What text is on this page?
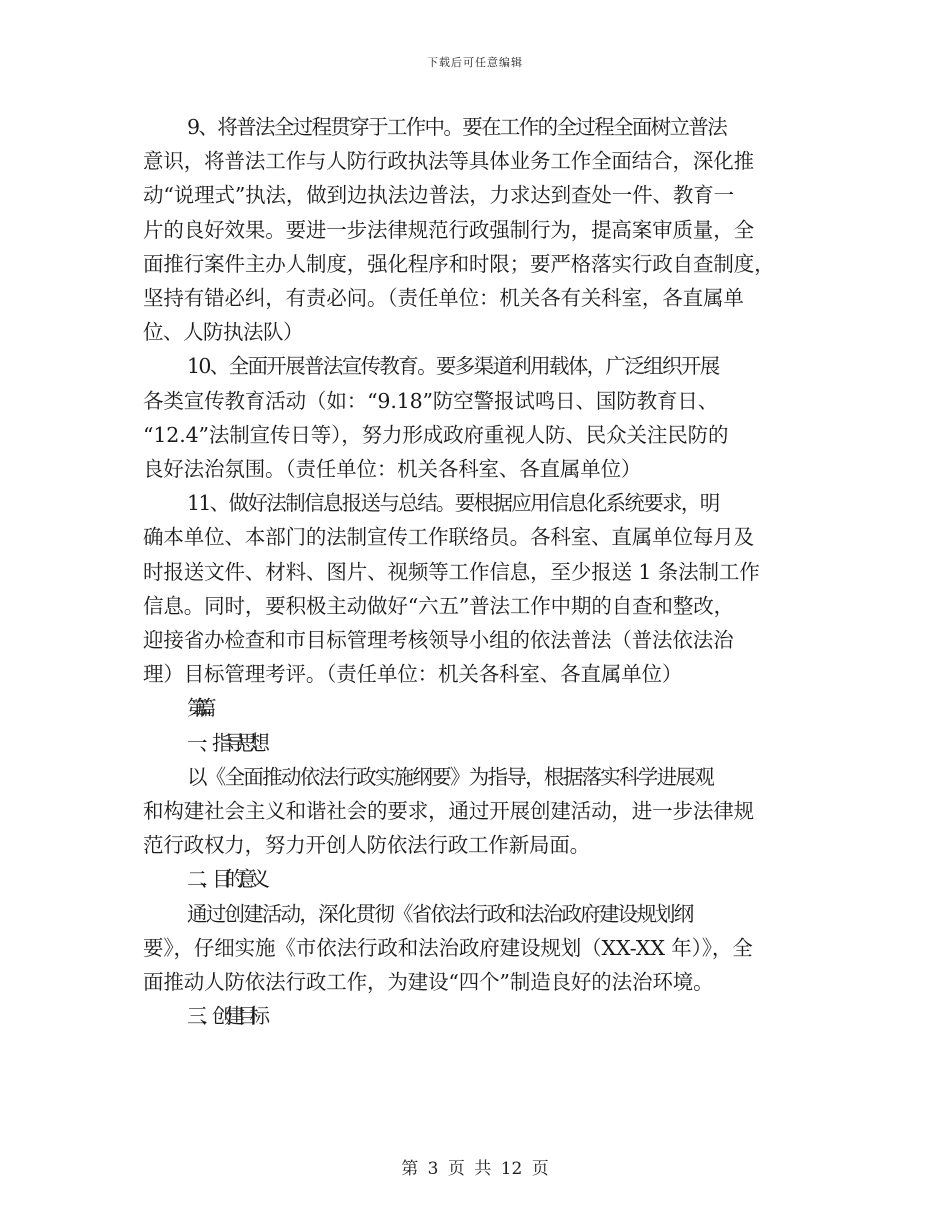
下载后可任意编辑
9、将普法全过程贯穿于工作中。要在工作的全过程全面树立普法
意识，将普法工作与人防行政执法等具体业务工作全面结合，深化推
动“说理式”执法，做到边执法边普法，力求达到查处一件、教育一
片的良好效果。要进一步法律规范行政强制行为，提高案审质量，全
面推行案件主办人制度，强化程序和时限；要严格落实行政自查制度，
坚持有错必纠，有责必问。（责任单位：机关各有关科室，各直属单
位、人防执法队）
10、全面开展普法宣传教育。要多渠道利用载体，广泛组织开展
各类宣传教育活动（如：“9.18”防空警报试鸣日、国防教育日、
“12.4”法制宣传日等），努力形成政府重视人防、民众关注民防的
良好法治氛围。（责任单位：机关各科室、各直属单位）
11、做好法制信息报送与总结。要根据应用信息化系统要求，明
确本单位、本部门的法制宣传工作联络员。各科室、直属单位每月及
时报送文件、材料、图片、视频等工作信息，至少报送 1 条法制工作
信息。同时，要积极主动做好“六五”普法工作中期的自查和整改，
迎接省办检查和市目标管理考核领导小组的依法普法（普法依法治
理）目标管理考评。（责任单位：机关各科室、各直属单位）
第二篇
一、指导思想
以《全面推动依法行政实施纲要》为指导，根据落实科学进展观
和构建社会主义和谐社会的要求，通过开展创建活动，进一步法律规
范行政权力，努力开创人防依法行政工作新局面。
二、目的意义
通过创建活动，深化贯彻《省依法行政和法治政府建设规划纲
要》，仔细实施《市依法行政和法治政府建设规划（XX-XX 年）》，全
面推动人防依法行政工作，为建设“四个”制造良好的法治环境。
三、创建目标
第 3 页 共 12 页
